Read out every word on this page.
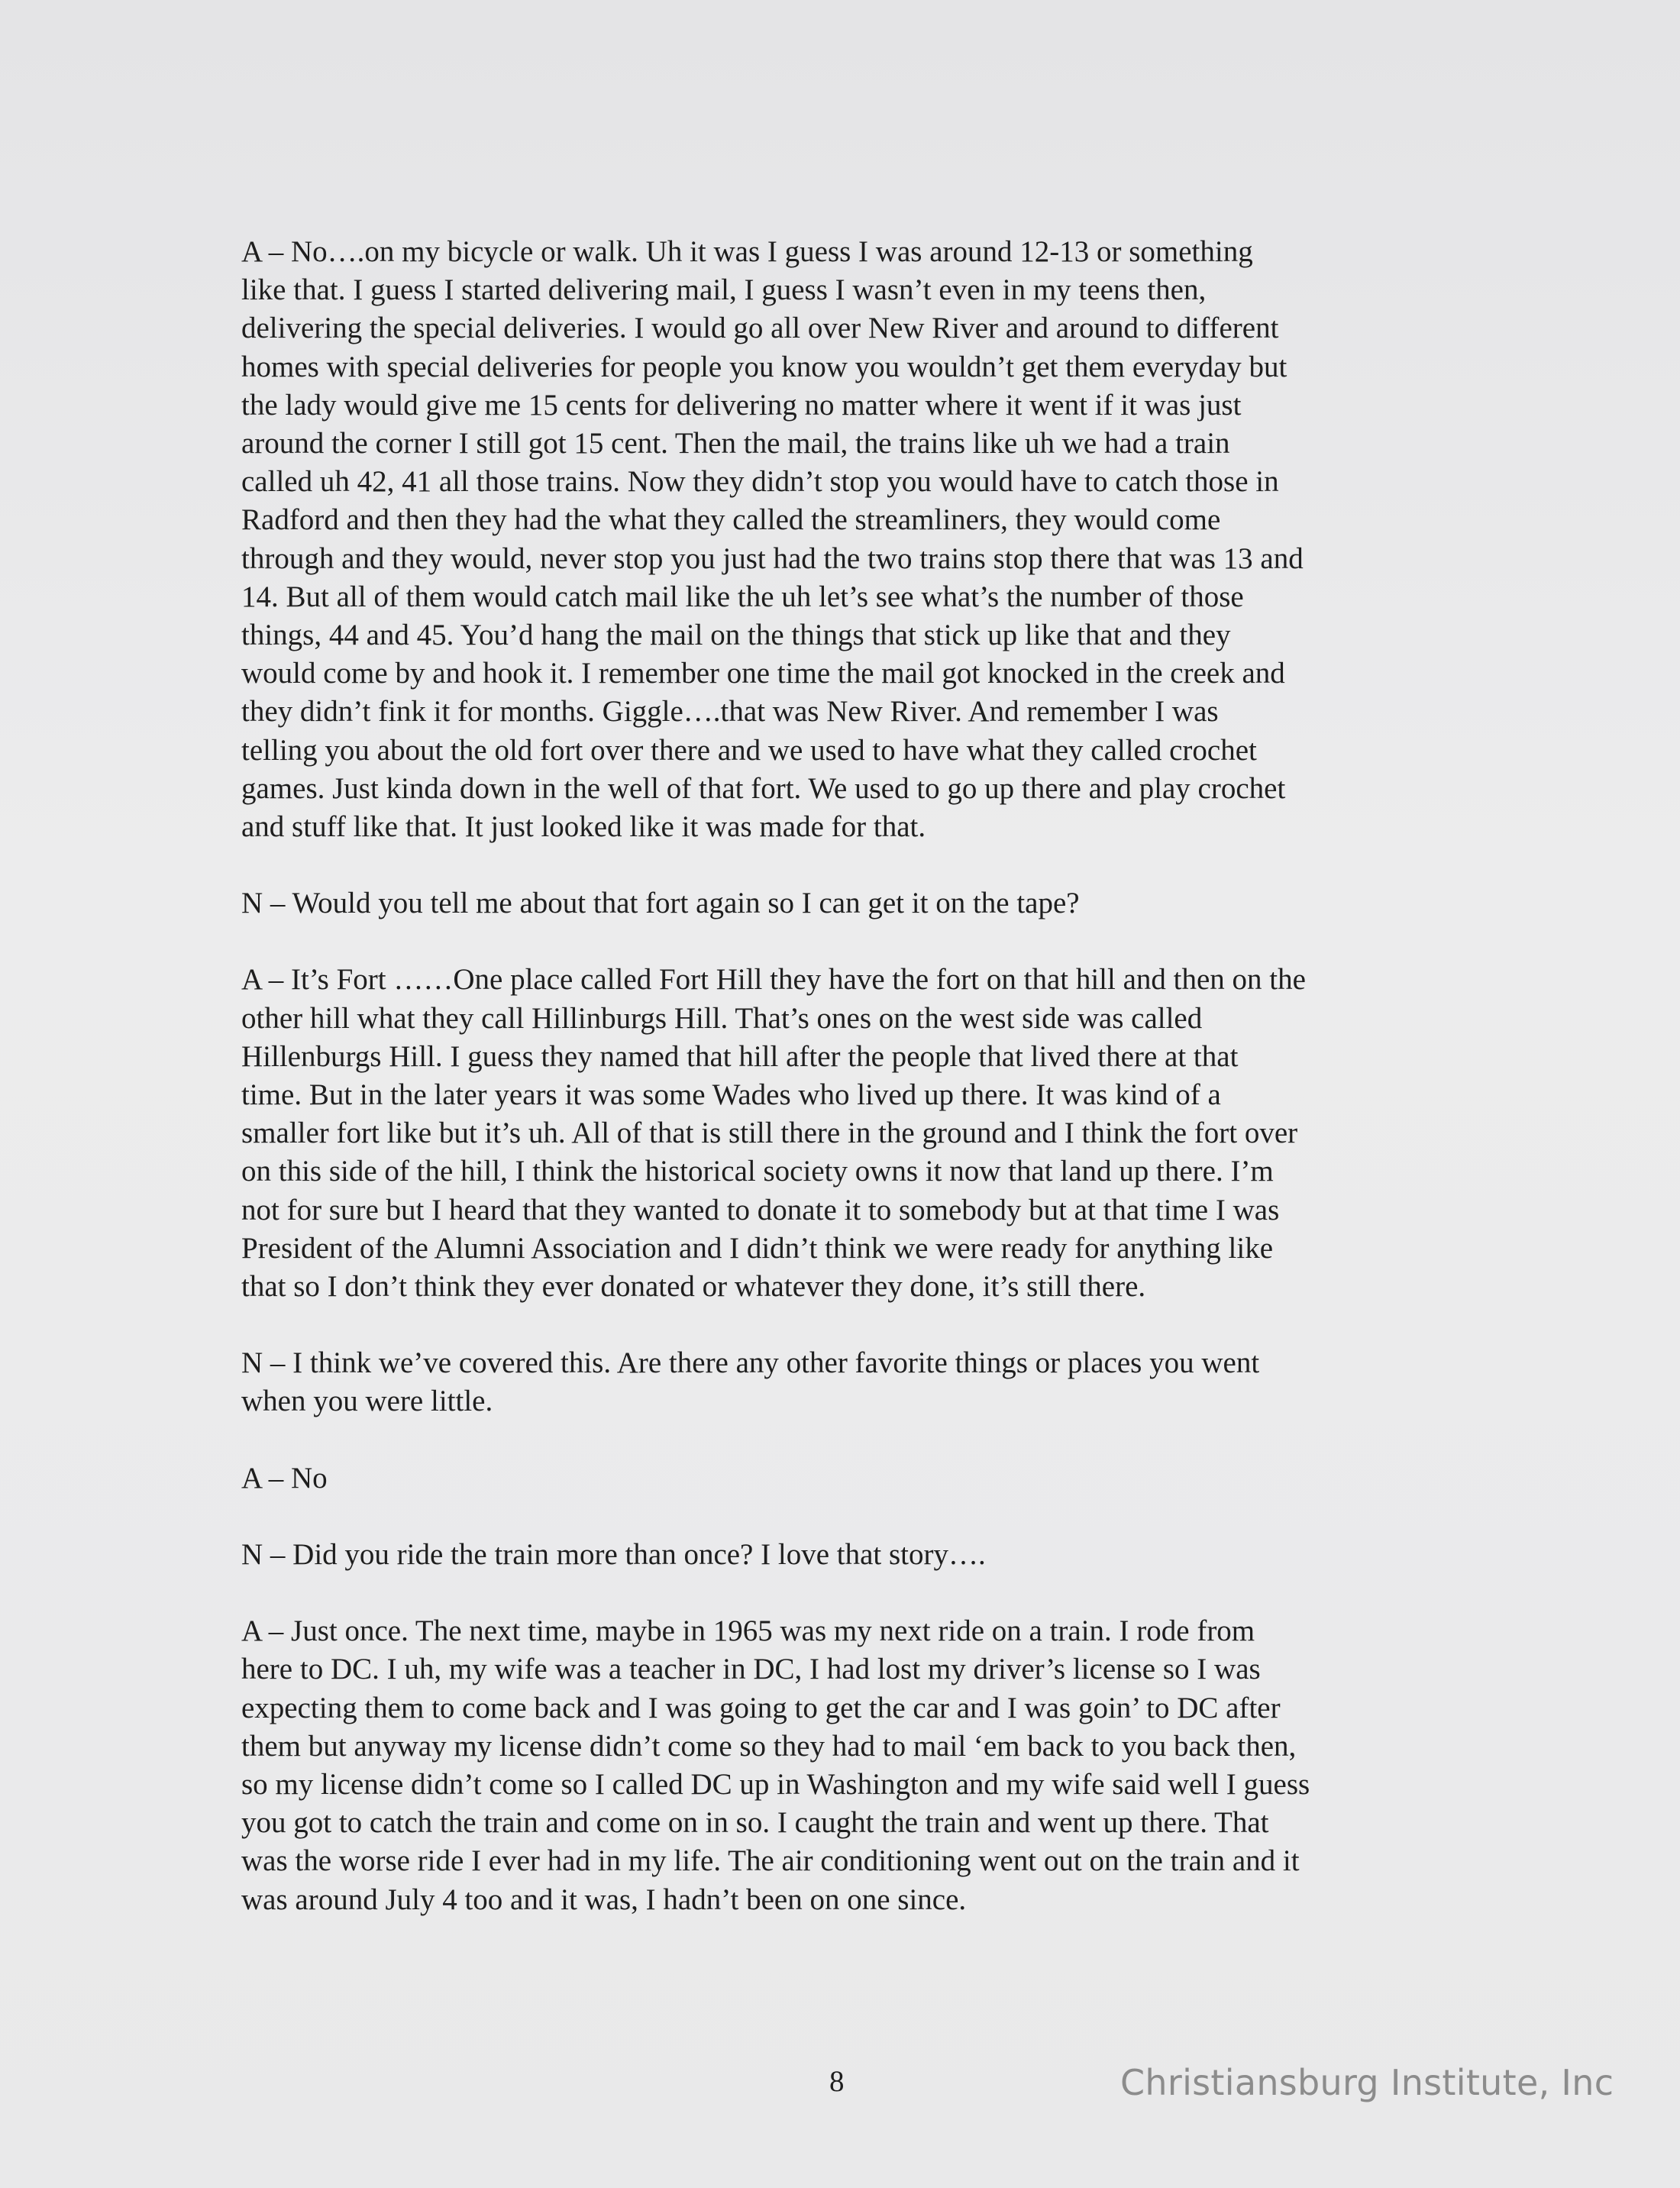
A – No….on my bicycle or walk. Uh it was I guess I was around 12-13 or something
like that. I guess I started delivering mail, I guess I wasn’t even in my teens then,
delivering the special deliveries. I would go all over New River and around to different
homes with special deliveries for people you know you wouldn’t get them everyday but
the lady would give me 15 cents for delivering no matter where it went if it was just
around the corner I still got 15 cent. Then the mail, the trains like uh we had a train
called uh 42, 41 all those trains. Now they didn’t stop you would have to catch those in
Radford and then they had the what they called the streamliners, they would come
through and they would, never stop you just had the two trains stop there that was 13 and
14. But all of them would catch mail like the uh let’s see what’s the number of those
things, 44 and 45. You’d hang the mail on the things that stick up like that and they
would come by and hook it. I remember one time the mail got knocked in the creek and
they didn’t fink it for months. Giggle….that was New River. And remember I was
telling you about the old fort over there and we used to have what they called crochet
games. Just kinda down in the well of that fort. We used to go up there and play crochet
and stuff like that. It just looked like it was made for that.

N – Would you tell me about that fort again so I can get it on the tape?

A – It’s Fort ……One place called Fort Hill they have the fort on that hill and then on the
other hill what they call Hillinburgs Hill. That’s ones on the west side was called
Hillenburgs Hill. I guess they named that hill after the people that lived there at that
time. But in the later years it was some Wades who lived up there. It was kind of a
smaller fort like but it’s uh. All of that is still there in the ground and I think the fort over
on this side of the hill, I think the historical society owns it now that land up there. I’m
not for sure but I heard that they wanted to donate it to somebody but at that time I was
President of the Alumni Association and I didn’t think we were ready for anything like
that so I don’t think they ever donated or whatever they done, it’s still there.

N – I think we’ve covered this. Are there any other favorite things or places you went
when you were little.

A – No

N – Did you ride the train more than once? I love that story….

A – Just once. The next time, maybe in 1965 was my next ride on a train. I rode from
here to DC. I uh, my wife was a teacher in DC, I had lost my driver’s license so I was
expecting them to come back and I was going to get the car and I was goin’ to DC after
them but anyway my license didn’t come so they had to mail ‘em back to you back then,
so my license didn’t come so I called DC up in Washington and my wife said well I guess
you got to catch the train and come on in so. I caught the train and went up there. That
was the worse ride I ever had in my life. The air conditioning went out on the train and it
was around July 4 too and it was, I hadn’t been on one since.

8	Christiansburg Institute, Inc
